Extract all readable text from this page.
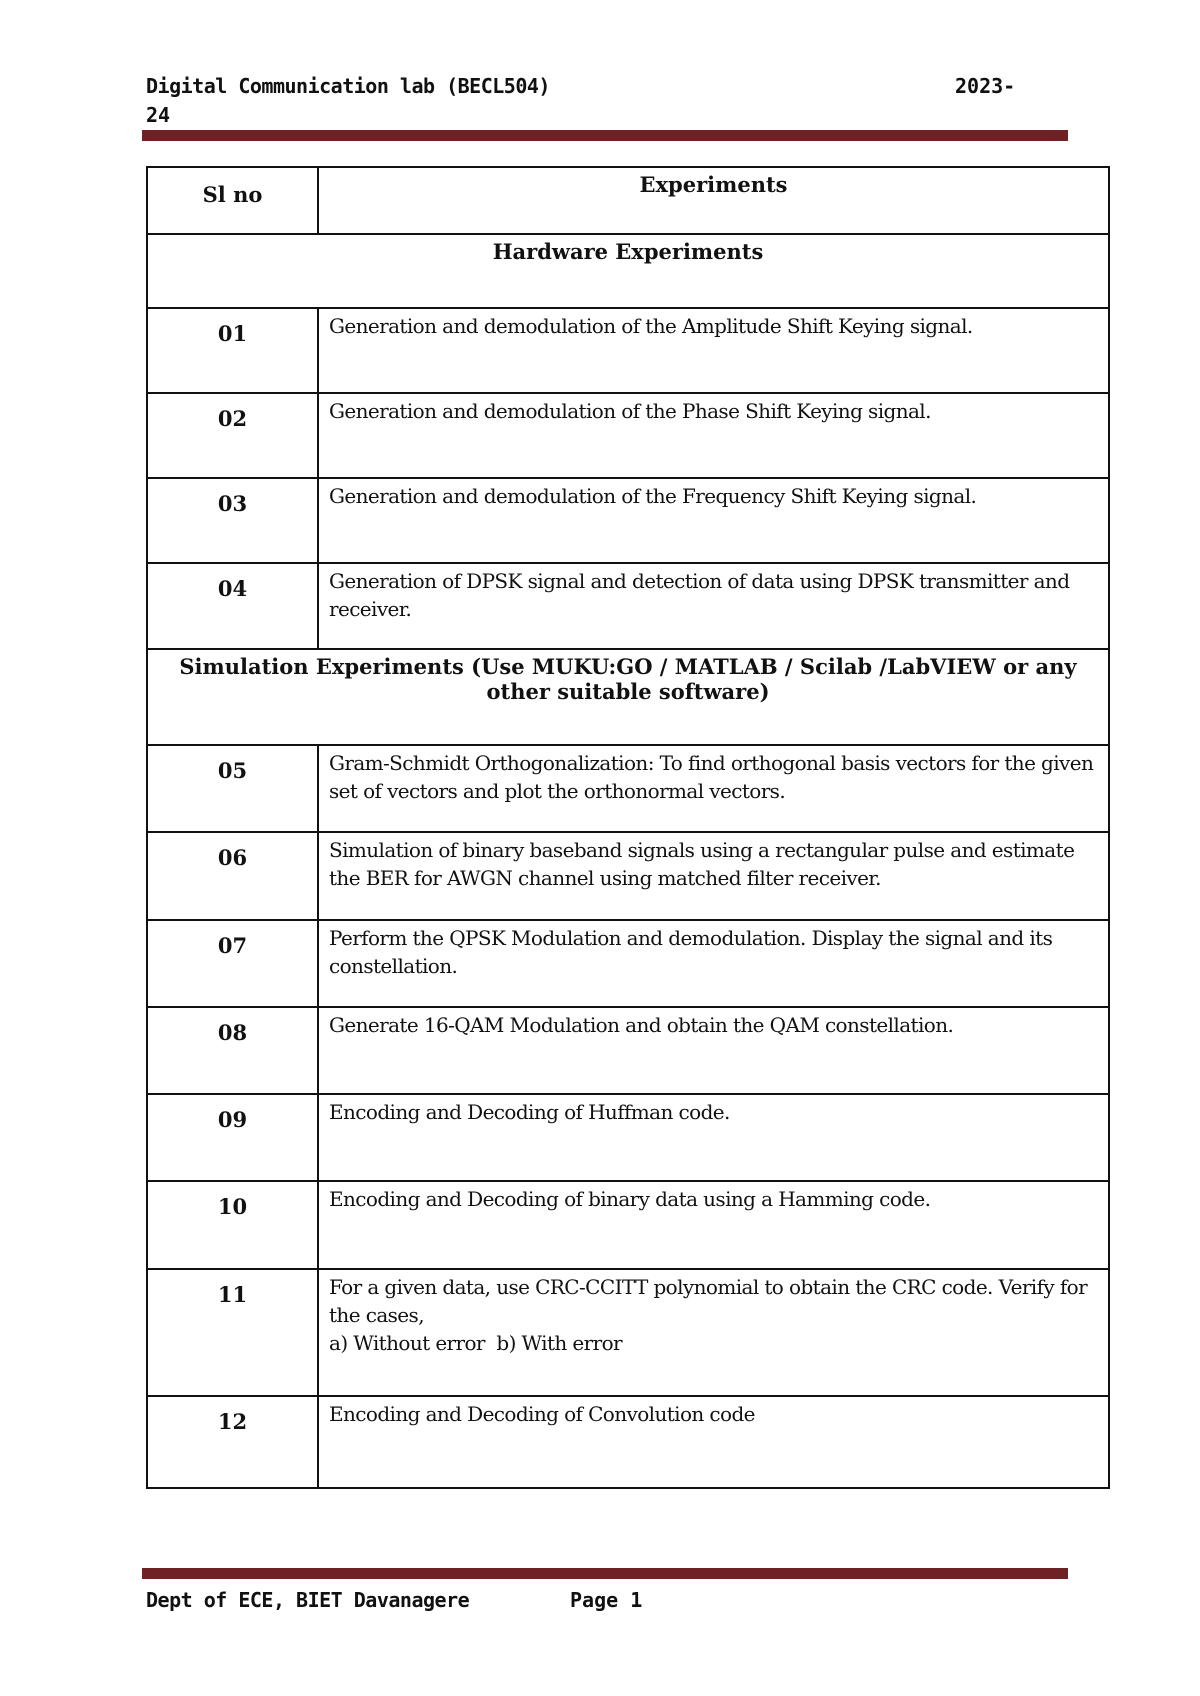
Digital Communication lab (BECL504)	2023-
24
Sl no	Experiments
Hardware Experiments	
01	Generation and demodulation of the Amplitude Shift Keying signal.
02	Generation and demodulation of the Phase Shift Keying signal.
03	Generation and demodulation of the Frequency Shift Keying signal.
04	Generation of DPSK signal and detection of data using DPSK transmitter and receiver.

Simulation Experiments (Use MUKU:GO / MATLAB / Scilab /LabVIEW or any
other suitable software)	

05	Gram-Schmidt Orthogonalization: To find orthogonal basis vectors for the given set of vectors and plot the orthonormal vectors.
06	Simulation of binary baseband signals using a rectangular pulse and estimate the BER for AWGN channel using matched filter receiver.
07	Perform the QPSK Modulation and demodulation. Display the signal and its constellation.
08	Generate 16-QAM Modulation and obtain the QAM constellation.
09	Encoding and Decoding of Huffman code.
10	Encoding and Decoding of binary data using a Hamming code.
11	For a given data, use CRC-CCITT polynomial to obtain the CRC code. Verify for the cases,
a) Without error  b) With error

12	Encoding and Decoding of Convolution code
Dept of ECE, BIET Davanagere	Page 1
